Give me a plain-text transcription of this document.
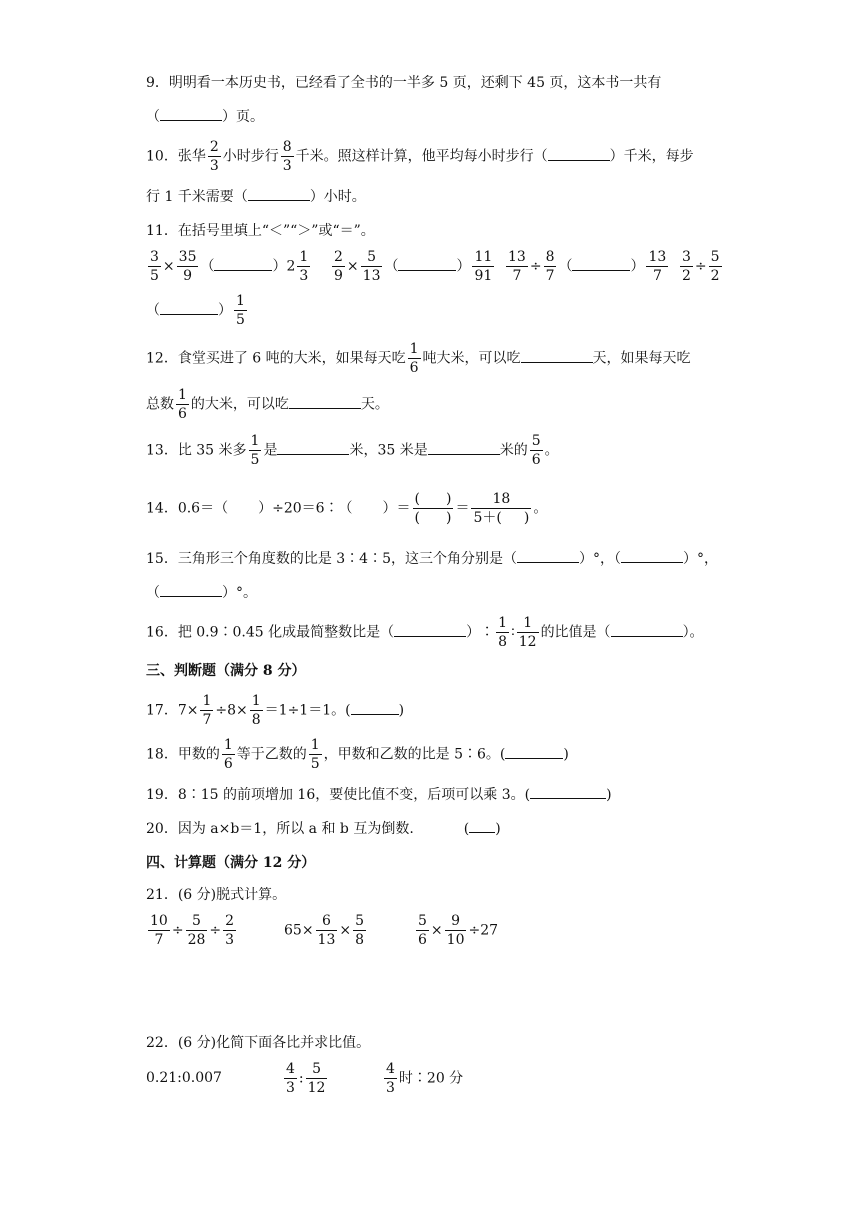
9．明明看一本历史书，已经看了全书的一半多 5 页，还剩下 45 页，这本书一共有
（	）页。
10．张华 $\frac{2}{3}$ 小时步行 $\frac{8}{3}$ 千米。照这样计算，他平均每小时步行（	）千米，每步
行 1 千米需要（	）小时。
11．在括号里填上“＜”“＞”或“＝”。
$\frac{3}{5} \times \frac{35}{9}$ （	）$2 \frac{1}{3} \frac{2}{9} \times \frac{5}{13}$ （	） $\frac{11}{91} \frac{13}{7} \div \frac{8}{7}$ （	） $\frac{13}{7} \frac{3}{2} \div \frac{5}{2}$
（	） $\frac{1}{5}$
12．食堂买进了 6 吨的大米，如果每天吃 $\frac{1}{6}$ 吨大米，可以吃	天，如果每天吃
总数 $\frac{1}{6}$ 的大米，可以吃	天。
13．比 35 米多 $\frac{1}{5}$ 是	米，35 米是	米的 $\frac{5}{6}$ 。
14．0.6＝（ ）÷20＝6∶（ ）＝ $\frac{( )}{( )} = \frac{18}{5+( )}$ 。
15．三角形三个角度数的比是 3∶4∶5，这三个角分别是（	）°，（	）°，
（	）°。
16．把 0.9∶0.45 化成最简整数比是（	）∶ $\frac{1}{8}$ ∶ $\frac{1}{12}$ 的比值是（	）。
三、判断题（满分 8 分）
17．$7\times \frac{1}{7} \div 8\times \frac{1}{8} =1\div 1=1$。(	)
18．甲数的 $\frac{1}{6}$ 等于乙数的 $\frac{1}{5}$ ，甲数和乙数的比是 5∶6。(	)
19．8∶15 的前项增加 16，要使比值不变，后项可以乘 3。(	)
20．因为 a×b＝1，所以 a 和 b 互为倒数.	( )
四、计算题（满分 12 分）
21．(6 分)脱式计算。
$\frac{10}{7} \div \frac{5}{28} \div \frac{2}{3}$	$65\times \frac{6}{13} \times \frac{5}{8}$	$\frac{5}{6} \times \frac{9}{10} \div 27$
22．(6 分)化简下面各比并求比值。
0.21:0.007	$\frac{4}{3}$ : $\frac{5}{12}$	$\frac{4}{3}$ 时∶20 分
